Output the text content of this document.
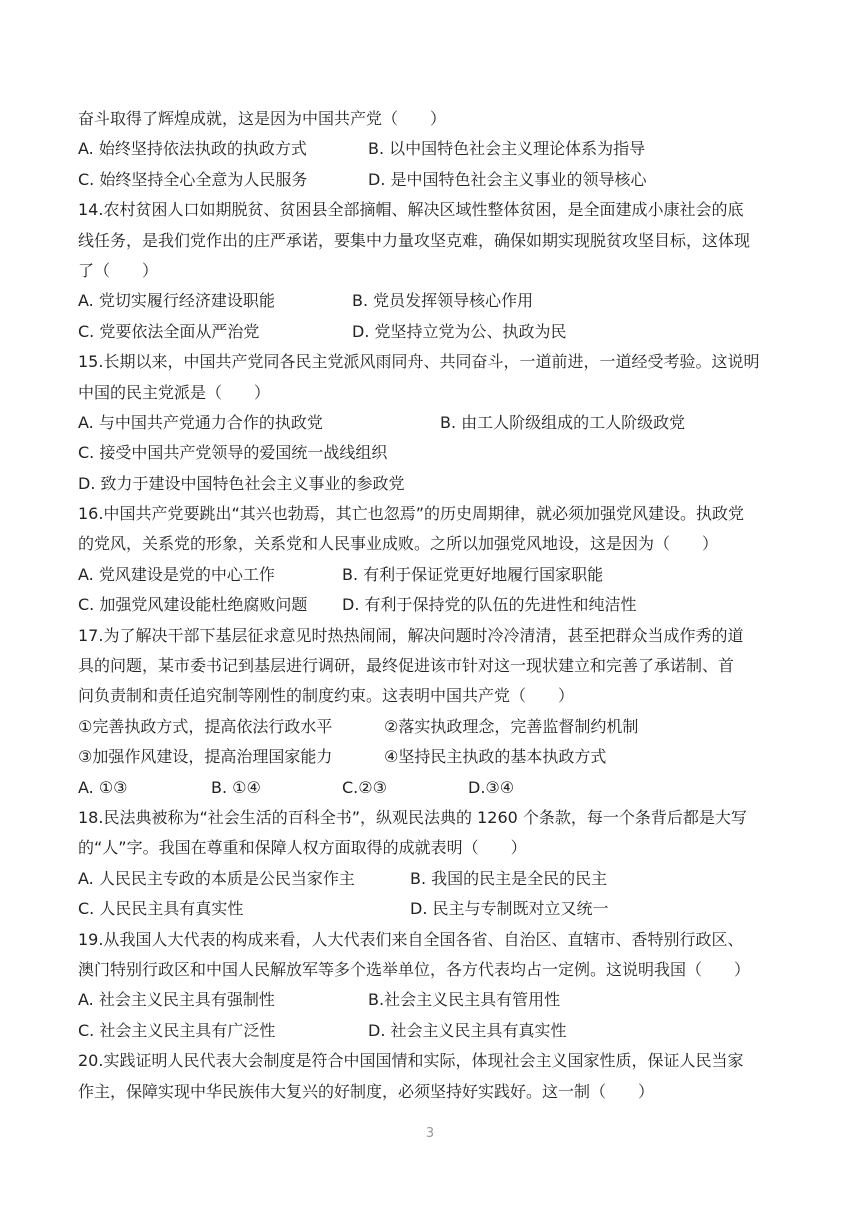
奋斗取得了辉煌成就，这是因为中国共产党（　　）
A. 始终坚持依法执政的执政方式	B. 以中国特色社会主义理论体系为指导
C. 始终坚持全心全意为人民服务	D. 是中国特色社会主义事业的领导核心
14.农村贫困人口如期脱贫、贫困县全部摘帽、解决区域性整体贫困，是全面建成小康社会的底
线任务，是我们党作出的庄严承诺，要集中力量攻坚克难，确保如期实现脱贫攻坚目标，这体现
了（　　）
A. 党切实履行经济建设职能	B. 党员发挥领导核心作用
C. 党要依法全面从严治党	D. 党坚持立党为公、执政为民
15.长期以来，中国共产党同各民主党派风雨同舟、共同奋斗，一道前进，一道经受考验。这说明
中国的民主党派是（　　）
A. 与中国共产党通力合作的执政党	B. 由工人阶级组成的工人阶级政党
C. 接受中国共产党领导的爱国统一战线组织
D. 致力于建设中国特色社会主义事业的参政党
16.中国共产党要跳出“其兴也勃焉，其亡也忽焉”的历史周期律，就必须加强党风建设。执政党
的党风，关系党的形象，关系党和人民事业成败。之所以加强党风地设，这是因为（　　）
A. 党风建设是党的中心工作	B. 有利于保证党更好地履行国家职能
C. 加强党风建设能杜绝腐败问题	D. 有利于保持党的队伍的先进性和纯洁性
17.为了解决干部下基层征求意见时热热闹闹，解决问题时冷冷清清，甚至把群众当成作秀的道
具的问题，某市委书记到基层进行调研，最终促进该市针对这一现状建立和完善了承诺制、首
问负责制和责任追究制等刚性的制度约束。这表明中国共产党（　　）
①完善执政方式，提高依法行政水平	②落实执政理念，完善监督制约机制
③加强作风建设，提高治理国家能力	④坚持民主执政的基本执政方式
A. ①③	B. ①④	C.②③	D.③④
18.民法典被称为“社会生活的百科全书”，纵观民法典的 1260 个条款，每一个条背后都是大写
的“人”字。我国在尊重和保障人权方面取得的成就表明（　　）
A. 人民民主专政的本质是公民当家作主	B. 我国的民主是全民的民主
C. 人民民主具有真实性	D. 民主与专制既对立又统一
19.从我国人大代表的构成来看，人大代表们来自全国各省、自治区、直辖市、香特别行政区、
澳门特别行政区和中国人民解放军等多个选举单位，各方代表均占一定例。这说明我国（　　）
A. 社会主义民主具有强制性	B.社会主义民主具有管用性
C. 社会主义民主具有广泛性	D. 社会主义民主具有真实性
20.实践证明人民代表大会制度是符合中国国情和实际，体现社会主义国家性质，保证人民当家
作主，保障实现中华民族伟大复兴的好制度，必须坚持好实践好。这一制（　　）
3
